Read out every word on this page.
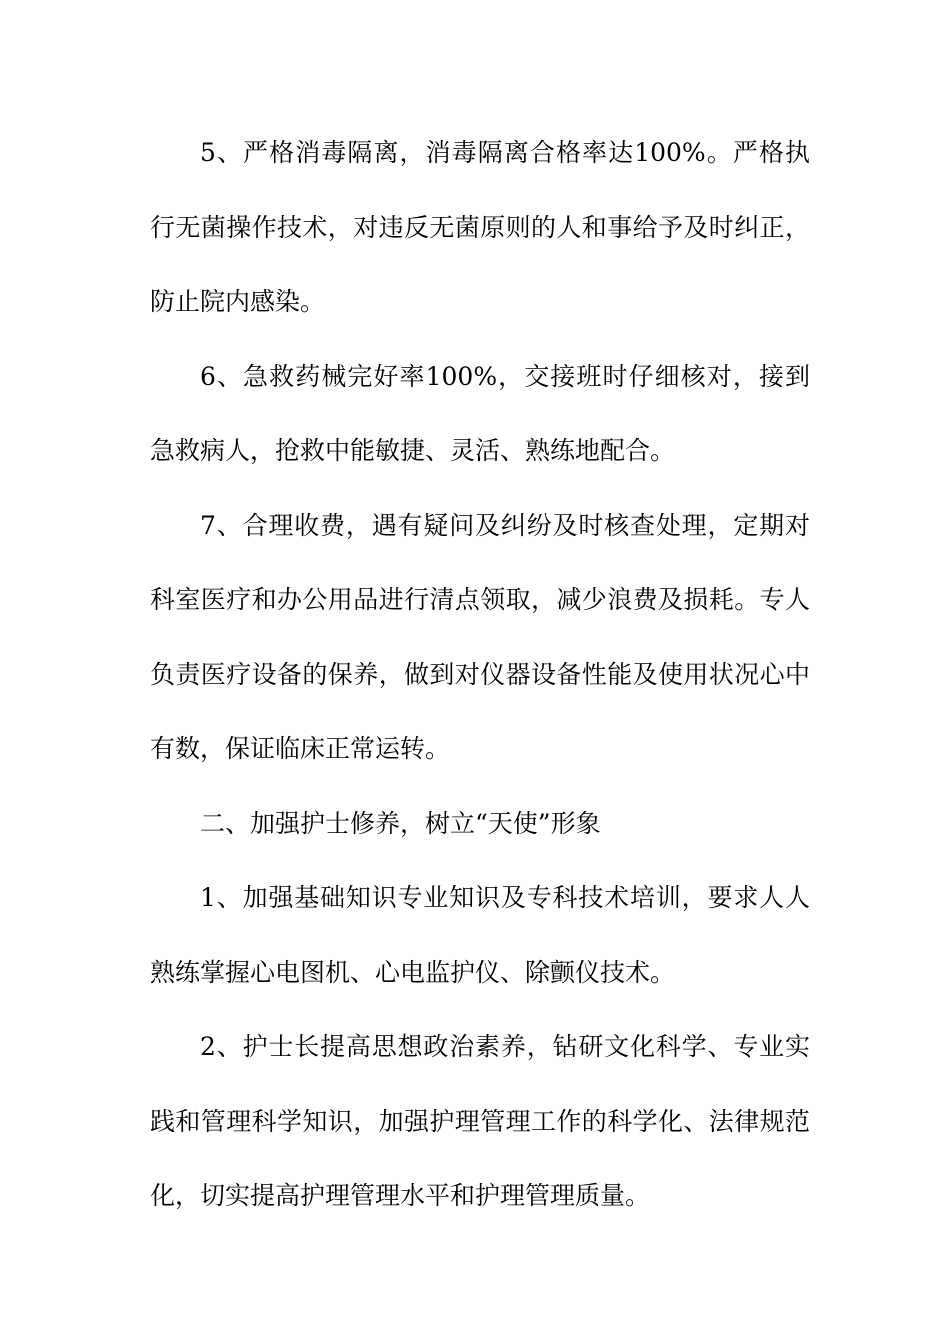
5、严格消毒隔离，消毒隔离合格率达100%。严格执行无菌操作技术，对违反无菌原则的人和事给予及时纠正，防止院内感染。

6、急救药械完好率100%，交接班时仔细核对，接到急救病人，抢救中能敏捷、灵活、熟练地配合。

7、合理收费，遇有疑问及纠纷及时核查处理，定期对科室医疗和办公用品进行清点领取，减少浪费及损耗。专人负责医疗设备的保养，做到对仪器设备性能及使用状况心中有数，保证临床正常运转。

二、加强护士修养，树立“天使”形象

1、加强基础知识专业知识及专科技术培训，要求人人熟练掌握心电图机、心电监护仪、除颤仪技术。

2、护士长提高思想政治素养，钻研文化科学、专业实践和管理科学知识，加强护理管理工作的科学化、法律规范化，切实提高护理管理水平和护理管理质量。
